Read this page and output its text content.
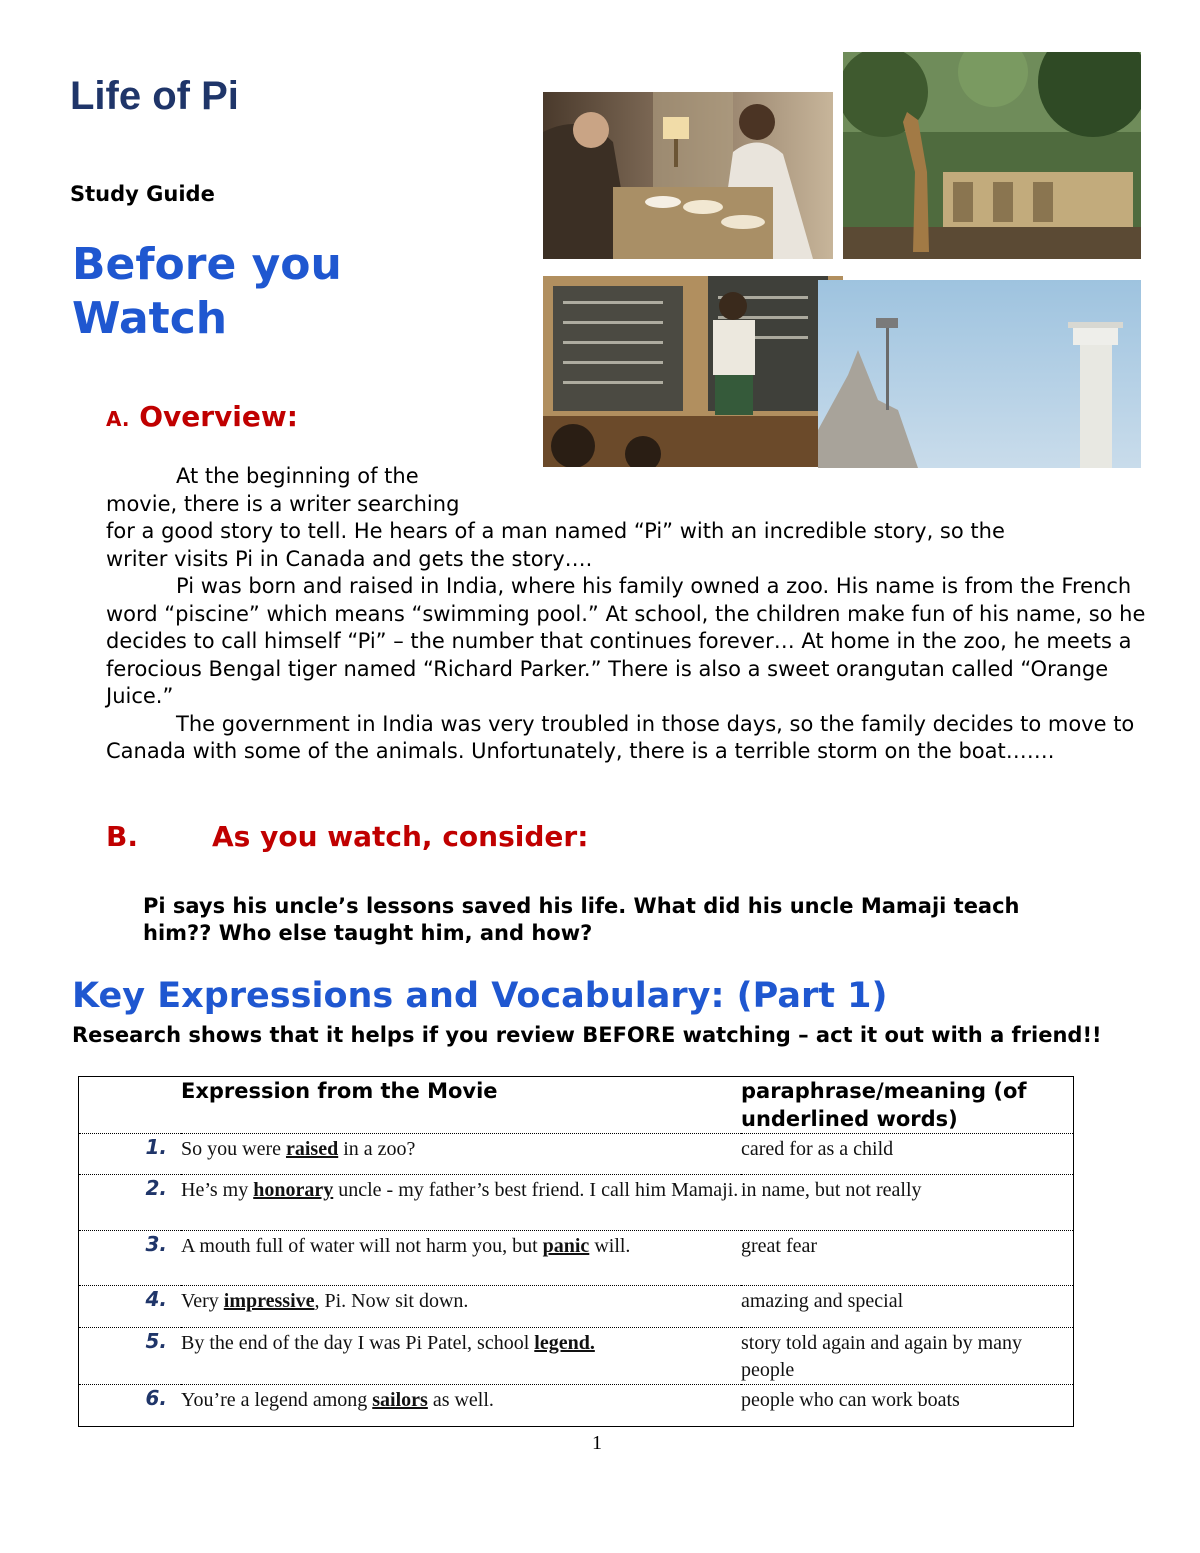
Life of Pi
Study Guide
Before you
Watch
A. Overview:
At the beginning of the
movie, there is a writer searching
for a good story to tell. He hears of a man named “Pi” with an incredible story, so the
writer visits Pi in Canada and gets the story….
Pi was born and raised in India, where his family owned a zoo. His name is from the French word “piscine” which means “swimming pool.” At school, the children make fun of his name, so he decides to call himself “Pi” – the number that continues forever… At home in the zoo, he meets a ferocious Bengal tiger named “Richard Parker.” There is also a sweet orangutan called “Orange Juice.”
The government in India was very troubled in those days, so the family decides to move to Canada with some of the animals. Unfortunately, there is a terrible storm on the boat…….
B.	As you watch, consider:
Pi says his uncle’s lessons saved his life. What did his uncle Mamaji teach him?? Who else taught him, and how?
Key Expressions and Vocabulary: (Part 1)
Research shows that it helps if you review BEFORE watching – act it out with a friend!!
	Expression from the Movie	paraphrase/meaning (of underlined words)
1.	So you were raised in a zoo?	cared for as a child
2.	He’s my honorary uncle - my father’s best friend. I call him Mamaji.	in name, but not really
3.	A mouth full of water will not harm you, but panic will.	great fear
4.	Very impressive, Pi. Now sit down.	amazing and special
5.	By the end of the day I was Pi Patel, school legend.	story told again and again by many people
6.	You’re a legend among sailors as well.	people who can work boats
1
